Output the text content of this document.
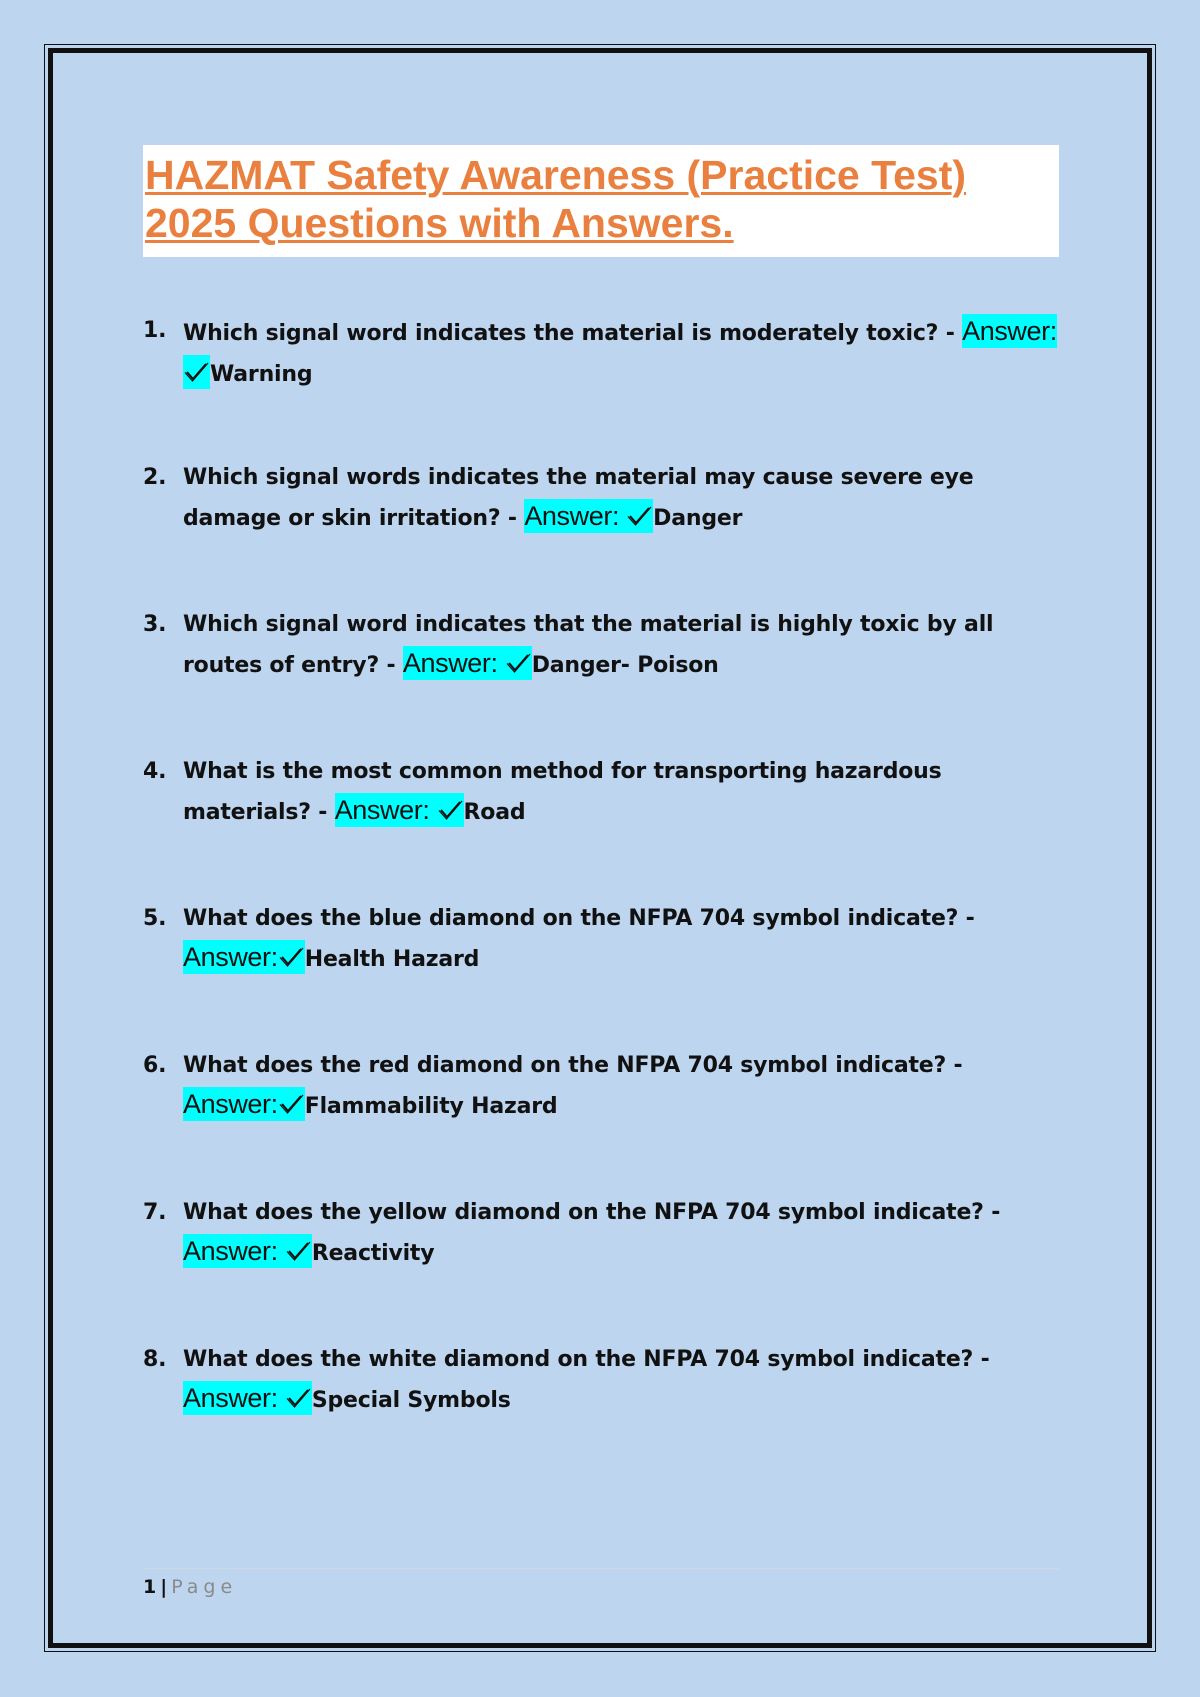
HAZMAT Safety Awareness (Practice Test) 2025 Questions with Answers.
1. Which signal word indicates the material is moderately toxic? - Answer:
Warning
2. Which signal words indicates the material may cause severe eye damage or skin irritation? - Answer: Danger
3. Which signal word indicates that the material is highly toxic by all routes of entry? - Answer: Danger- Poison
4. What is the most common method for transporting hazardous materials? - Answer: Road
5. What does the blue diamond on the NFPA 704 symbol indicate? - Answer: Health Hazard
6. What does the red diamond on the NFPA 704 symbol indicate? - Answer: Flammability Hazard
7. What does the yellow diamond on the NFPA 704 symbol indicate? - Answer: Reactivity
8. What does the white diamond on the NFPA 704 symbol indicate? - Answer: Special Symbols
1 | Page
